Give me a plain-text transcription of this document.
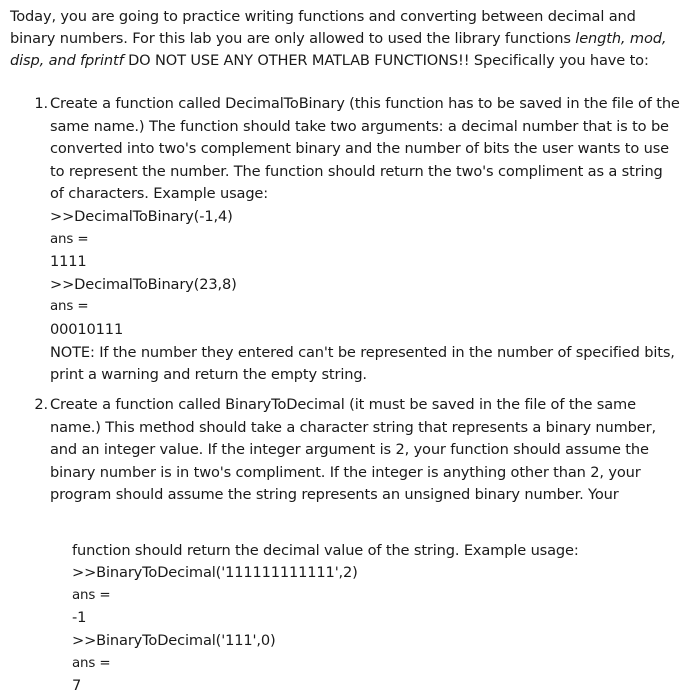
Today, you are going to practice writing functions and converting between decimal and

binary numbers. For this lab you are only allowed to used the library functions length, mod,

disp, and fprintf DO NOT USE ANY OTHER MATLAB FUNCTIONS!! Specifically you have to:

1. Create a function called DecimalToBinary (this function has to be saved in the file of the

same name.) The function should take two arguments: a decimal number that is to be

converted into two's complement binary and the number of bits the user wants to use

to represent the number. The function should return the two's compliment as a string

of characters. Example usage:

>>DecimalToBinary(-1,4)

ans =

1111

>>DecimalToBinary(23,8)

ans =

00010111

NOTE: If the number they entered can't be represented in the number of specified bits,

print a warning and return the empty string.

2. Create a function called BinaryToDecimal (it must be saved in the file of the same

name.) This method should take a character string that represents a binary number,

and an integer value. If the integer argument is 2, your function should assume the

binary number is in two's compliment. If the integer is anything other than 2, your

program should assume the string represents an unsigned binary number. Your

function should return the decimal value of the string. Example usage:

>>BinaryToDecimal('111111111111',2)

ans =

-1

>>BinaryToDecimal('111',0)

ans =

7
